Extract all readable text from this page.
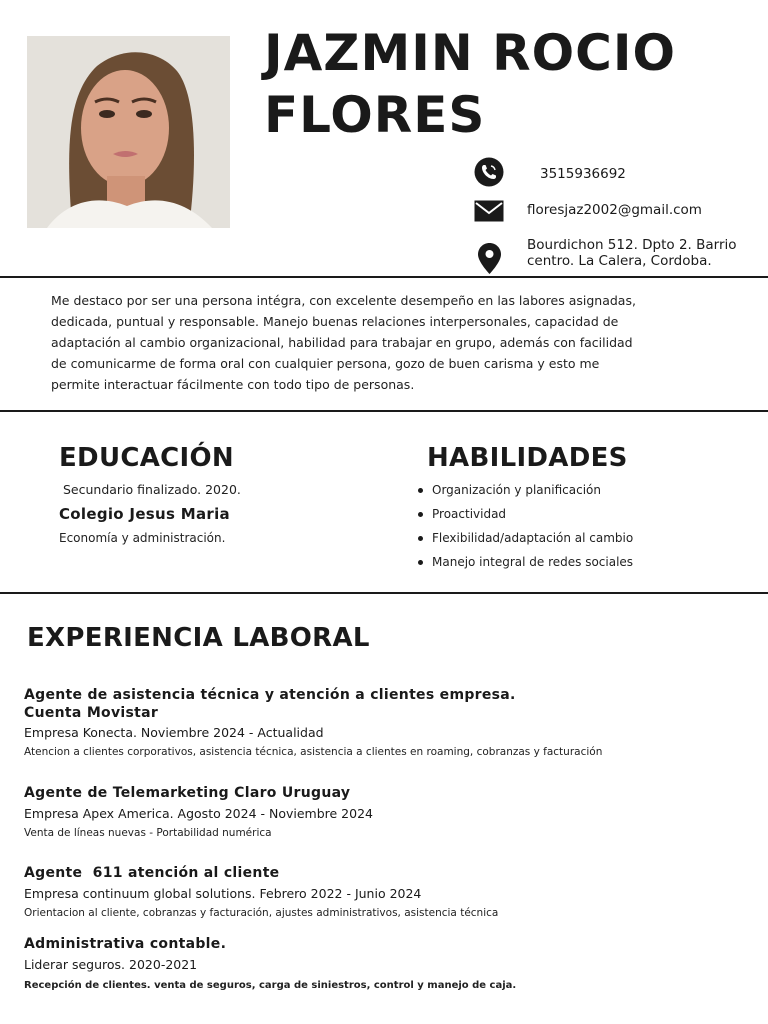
JAZMIN ROCIO FLORES
3515936692
floresjaz2002@gmail.com
Bourdichon 512. Dpto 2. Barrio
centro. La Calera, Cordoba.

Me destaco por ser una persona intégra, con excelente desempeño en las labores asignadas, dedicada, puntual y responsable. Manejo buenas relaciones interpersonales, capacidad de adaptación al cambio organizacional, habilidad para trabajar en grupo, además con facilidad de comunicarme de forma oral con cualquier persona, gozo de buen carisma y esto me permite interactuar fácilmente con todo tipo de personas.

EDUCACIÓN
Secundario finalizado. 2020.
Colegio Jesus Maria
Economía y administración.
HABILIDADES
Organización y planificación
Proactividad
Flexibilidad/adaptación al cambio
Manejo integral de redes sociales
EXPERIENCIA LABORAL
Agente de asistencia técnica y atención a clientes empresa.
Cuenta Movistar
Empresa Konecta. Noviembre 2024 - Actualidad
Atencion a clientes corporativos, asistencia técnica, asistencia a clientes en roaming, cobranzas y facturación
Agente de Telemarketing Claro Uruguay
Empresa Apex America. Agosto 2024 - Noviembre 2024
Venta de líneas nuevas - Portabilidad numérica
Agente  611 atención al cliente
Empresa continuum global solutions. Febrero 2022 - Junio 2024
Orientacion al cliente, cobranzas y facturación, ajustes administrativos, asistencia técnica
Administrativa contable.
Liderar seguros. 2020-2021
Recepción de clientes. venta de seguros, carga de siniestros, control y manejo de caja.
